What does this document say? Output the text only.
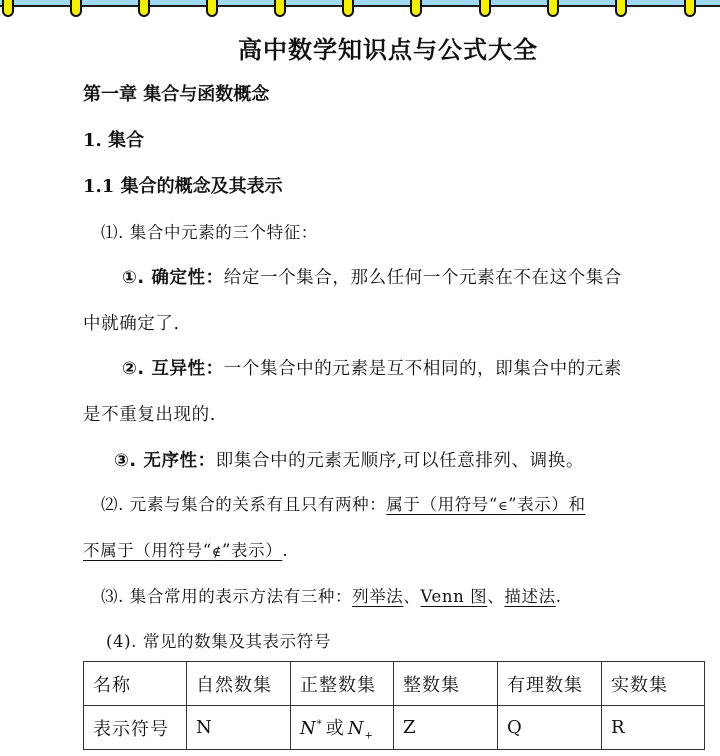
高中数学知识点与公式大全
第一章 集合与函数概念
1. 集合
1.1 集合的概念及其表示
⑴. 集合中元素的三个特征：
①. 确定性：给定一个集合，那么任何一个元素在不在这个集合
中就确定了.
②. 互异性：一个集合中的元素是互不相同的，即集合中的元素
是不重复出现的.
③. 无序性：即集合中的元素无顺序,可以任意排列、调换。
⑵. 元素与集合的关系有且只有两种：属于（用符号“∈”表示）和
不属于（用符号“∉”表示）.
⑶. 集合常用的表示方法有三种：列举法、Venn 图、描述法.
(4). 常见的数集及其表示符号
名称	自然数集	正整数集	整数集	有理数集	实数集
表示符号	N	N* 或 $N_+$	Z	Q	R
